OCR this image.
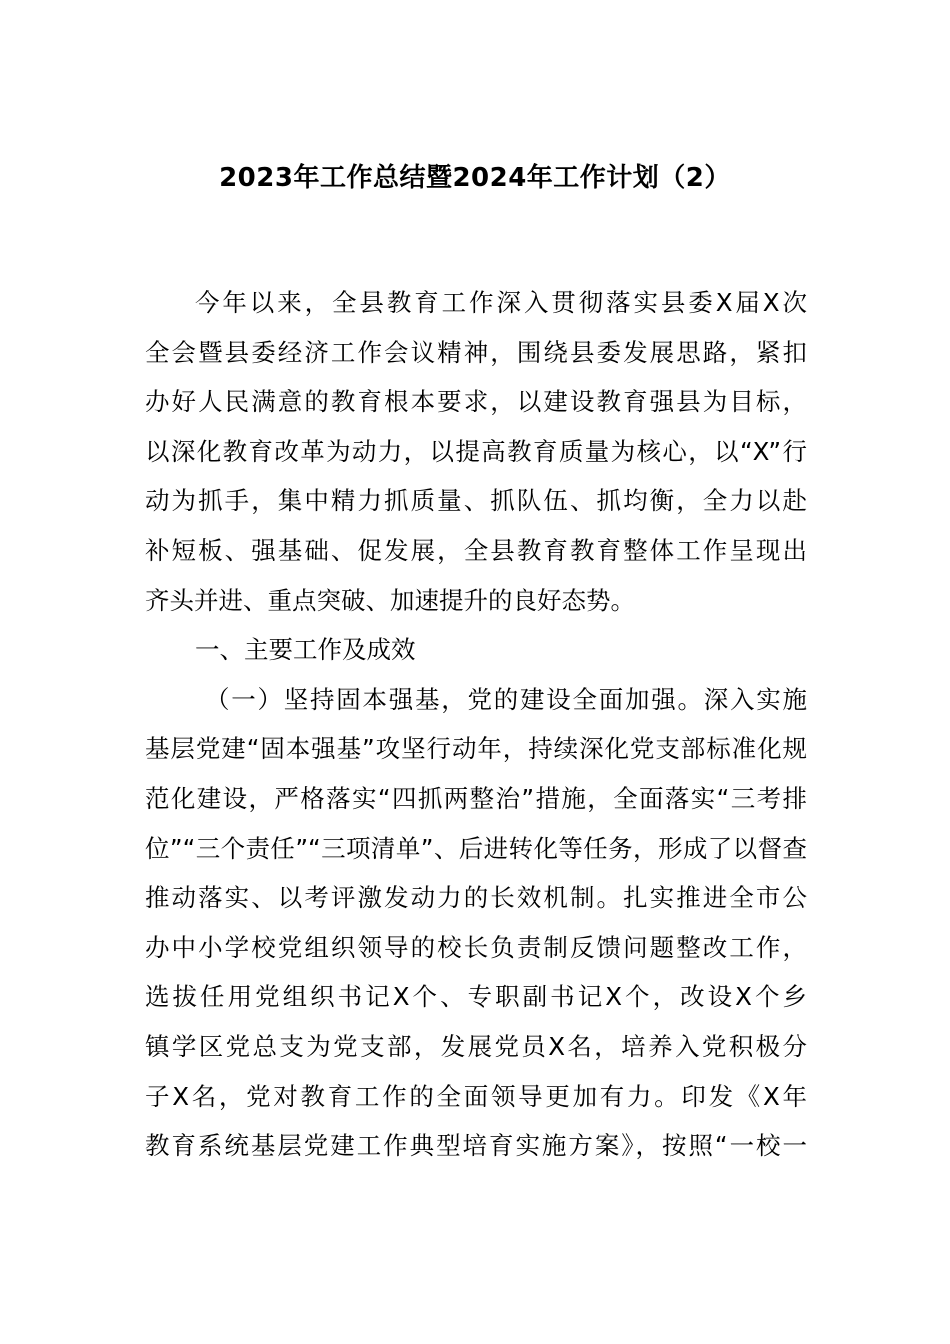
2023年工作总结暨2024年工作计划（2）
今年以来，全县教育工作深入贯彻落实县委X届X次
全会暨县委经济工作会议精神，围绕县委发展思路，紧扣
办好人民满意的教育根本要求，以建设教育强县为目标，
以深化教育改革为动力，以提高教育质量为核心，以“X”行
动为抓手，集中精力抓质量、抓队伍、抓均衡，全力以赴
补短板、强基础、促发展，全县教育教育整体工作呈现出
齐头并进、重点突破、加速提升的良好态势。
一、主要工作及成效
（一）坚持固本强基，党的建设全面加强。深入实施
基层党建“固本强基”攻坚行动年，持续深化党支部标准化规
范化建设，严格落实“四抓两整治”措施，全面落实“三考排
位”“三个责任”“三项清单”、后进转化等任务，形成了以督查
推动落实、以考评激发动力的长效机制。扎实推进全市公
办中小学校党组织领导的校长负责制反馈问题整改工作，
选拔任用党组织书记X个、专职副书记X个，改设X个乡
镇学区党总支为党支部，发展党员X名，培养入党积极分
子X名，党对教育工作的全面领导更加有力。印发《X年
教育系统基层党建工作典型培育实施方案》，按照“一校一
